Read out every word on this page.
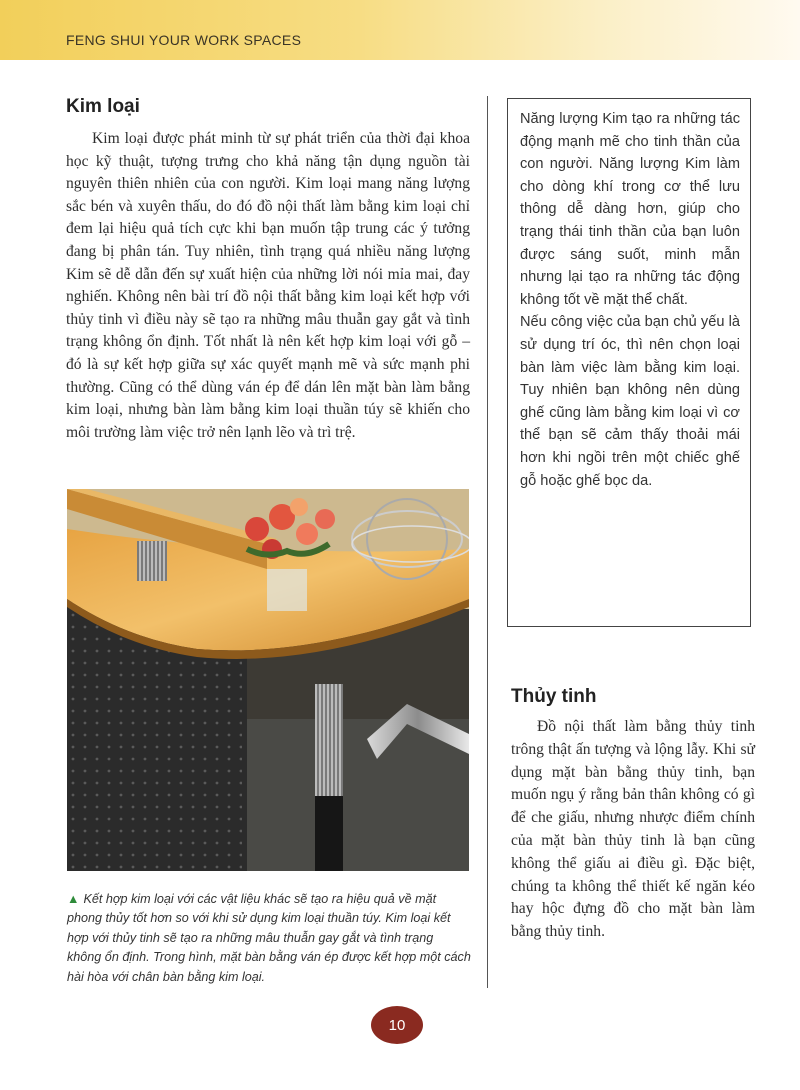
FENG SHUI YOUR WORK SPACES
Kim loại

Kim loại được phát minh từ sự phát triển của thời đại khoa học kỹ thuật, tượng trưng cho khả năng tận dụng nguồn tài nguyên thiên nhiên của con người. Kim loại mang năng lượng sắc bén và xuyên thấu, do đó đồ nội thất làm bằng kim loại chỉ đem lại hiệu quả tích cực khi bạn muốn tập trung các ý tưởng đang bị phân tán. Tuy nhiên, tình trạng quá nhiều năng lượng Kim sẽ dễ dẫn đến sự xuất hiện của những lời nói mỉa mai, đay nghiến. Không nên bài trí đồ nội thất bằng kim loại kết hợp với thủy tinh vì điều này sẽ tạo ra những mâu thuẫn gay gắt và tình trạng không ổn định. Tốt nhất là nên kết hợp kim loại với gỗ – đó là sự kết hợp giữa sự xác quyết mạnh mẽ và sức mạnh phi thường. Cũng có thể dùng ván ép để dán lên mặt bàn làm bằng kim loại, nhưng bàn làm bằng kim loại thuần túy sẽ khiến cho môi trường làm việc trở nên lạnh lẽo và trì trệ.

▲ Kết hợp kim loại với các vật liệu khác sẽ tạo ra hiệu quả về mặt phong thủy tốt hơn so với khi sử dụng kim loại thuần túy. Kim loại kết hợp với thủy tinh sẽ tạo ra những mâu thuẫn gay gắt và tình trạng không ổn định. Trong hình, mặt bàn bằng ván ép được kết hợp một cách hài hòa với chân bàn bằng kim loại.

Năng lượng Kim tạo ra những tác động mạnh mẽ cho tinh thần của con người. Năng lượng Kim làm cho dòng khí trong cơ thể lưu thông dễ dàng hơn, giúp cho trạng thái tinh thần của bạn luôn được sáng suốt, minh mẫn nhưng lại tạo ra những tác động không tốt về mặt thể chất.

Nếu công việc của bạn chủ yếu là sử dụng trí óc, thì nên chọn loại bàn làm việc làm bằng kim loại. Tuy nhiên bạn không nên dùng ghế cũng làm bằng kim loại vì cơ thể bạn sẽ cảm thấy thoải mái hơn khi ngồi trên một chiếc ghế gỗ hoặc ghế bọc da.

Thủy tinh

Đồ nội thất làm bằng thủy tinh trông thật ấn tượng và lộng lẫy. Khi sử dụng mặt bàn bằng thủy tinh, bạn muốn ngụ ý rằng bản thân không có gì để che giấu, nhưng nhược điểm chính của mặt bàn thủy tinh là bạn cũng không thể giấu ai điều gì. Đặc biệt, chúng ta không thể thiết kế ngăn kéo hay hộc đựng đồ cho mặt bàn làm bằng thủy tinh.

10
